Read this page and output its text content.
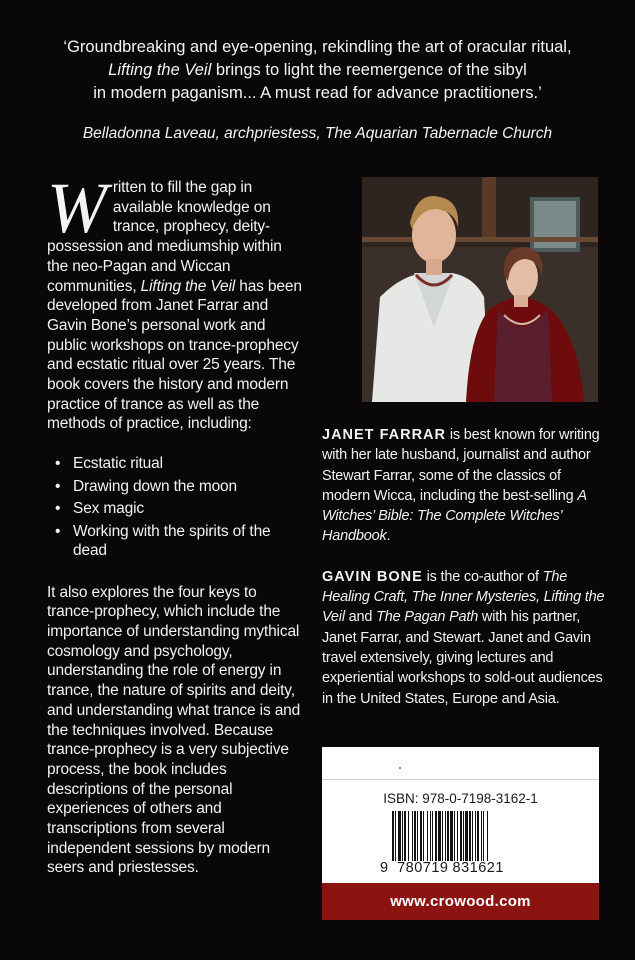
‘Groundbreaking and eye-opening, rekindling the art of oracular ritual,
Lifting the Veil brings to light the reemergence of the sibyl
in modern paganism... A must read for advance practitioners.’
Belladonna Laveau, archpriestess, The Aquarian Tabernacle Church

Written to fill the gap in available knowledge on trance, prophecy, deity-possession and mediumship within the neo-Pagan and Wiccan communities, Lifting the Veil has been developed from Janet Farrar and Gavin Bone’s personal work and public workshops on trance-prophecy and ecstatic ritual over 25 years. The book covers the history and modern practice of trance as well as the methods of practice, including:

• Ecstatic ritual
• Drawing down the moon
• Sex magic
• Working with the spirits of the dead

It also explores the four keys to trance-prophecy, which include the importance of understanding mythical cosmology and psychology, understanding the role of energy in trance, the nature of spirits and deity, and understanding what trance is and the techniques involved. Because trance-prophecy is a very subjective process, the book includes descriptions of the personal experiences of others and transcriptions from several independent sessions by modern seers and priestesses.

JANET FARRAR is best known for writing with her late husband, journalist and author Stewart Farrar, some of the classics of modern Wicca, including the best-selling A Witches’ Bible: The Complete Witches’ Handbook.

GAVIN BONE is the co-author of The Healing Craft, The Inner Mysteries, Lifting the Veil and The Pagan Path with his partner, Janet Farrar, and Stewart. Janet and Gavin travel extensively, giving lectures and experiential workshops to sold-out audiences in the United States, Europe and Asia.

ISBN: 978-0-7198-3162-1
9 780719 831621
www.crowood.com
